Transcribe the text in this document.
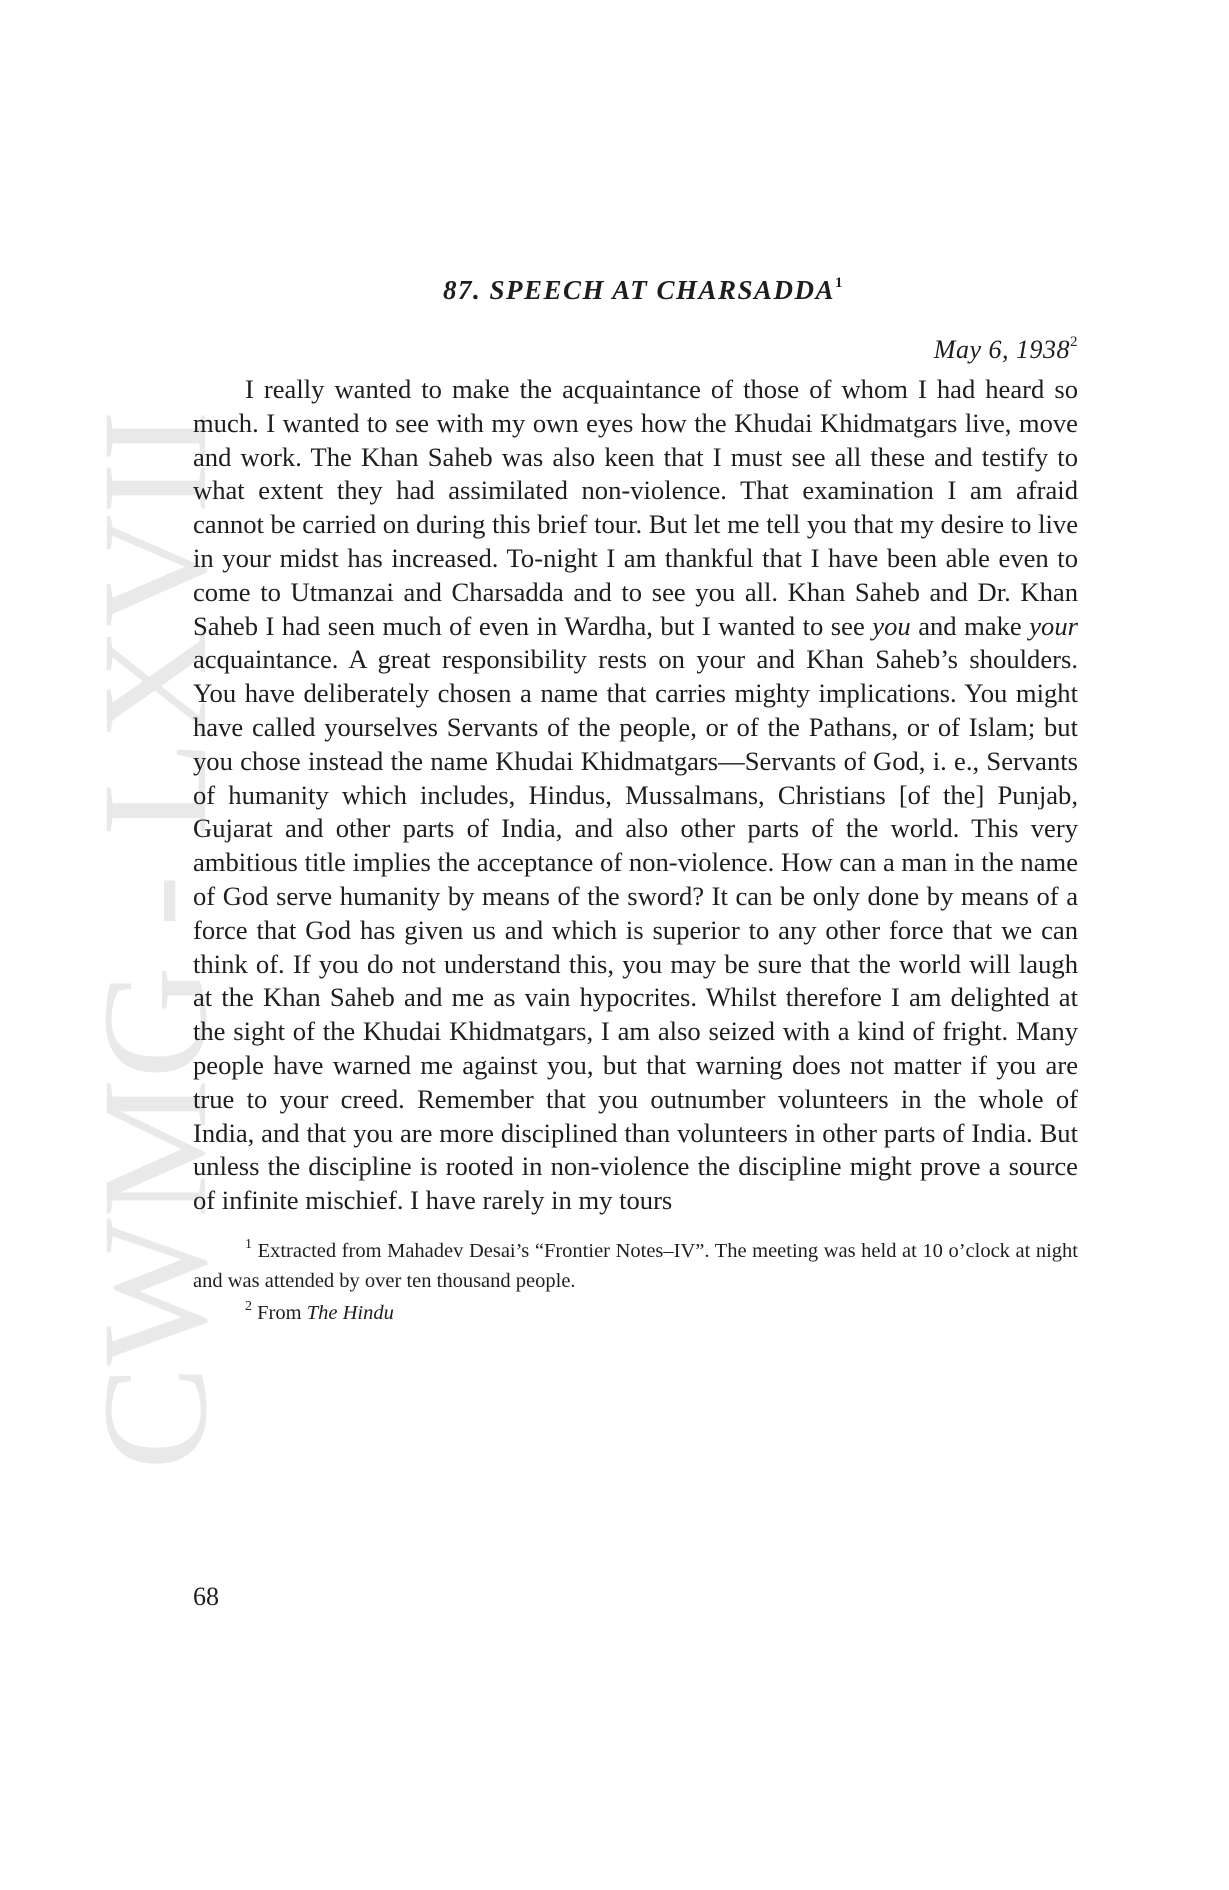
CWMG - LXVII
87. SPEECH AT CHARSADDA$^1$
May 6, 1938$^2$

I really wanted to make the acquaintance of those of whom I had heard so much. I wanted to see with my own eyes how the Khudai Khidmatgars live, move and work. The Khan Saheb was also keen that I must see all these and testify to what extent they had assimilated non-violence. That examination I am afraid cannot be carried on during this brief tour. But let me tell you that my desire to live in your midst has increased. To-night I am thankful that I have been able even to come to Utmanzai and Charsadda and to see you all. Khan Saheb and Dr. Khan Saheb I had seen much of even in Wardha, but I wanted to see you and make your acquaintance. A great responsibility rests on your and Khan Saheb’s shoulders. You have deliberately chosen a name that carries mighty implications. You might have called yourselves Servants of the people, or of the Pathans, or of Islam; but you chose instead the name Khudai Khidmatgars—Servants of God, i. e., Servants of humanity which includes, Hindus, Mussalmans, Christians [of the] Punjab, Gujarat and other parts of India, and also other parts of the world. This very ambitious title implies the acceptance of non-violence. How can a man in the name of God serve humanity by means of the sword? It can be only done by means of a force that God has given us and which is superior to any other force that we can think of. If you do not understand this, you may be sure that the world will laugh at the Khan Saheb and me as vain hypocrites. Whilst therefore I am delighted at the sight of the Khudai Khidmatgars, I am also seized with a kind of fright. Many people have warned me against you, but that warning does not matter if you are true to your creed. Remember that you outnumber volunteers in the whole of India, and that you are more disciplined than volunteers in other parts of India. But unless the discipline is rooted in non-violence the discipline might prove a source of infinite mischief. I have rarely in my tours

$^1$ Extracted from Mahadev Desai’s “Frontier Notes–IV”. The meeting was held at 10 o’clock at night and was attended by over ten thousand people.

$^2$ From The Hindu

68
